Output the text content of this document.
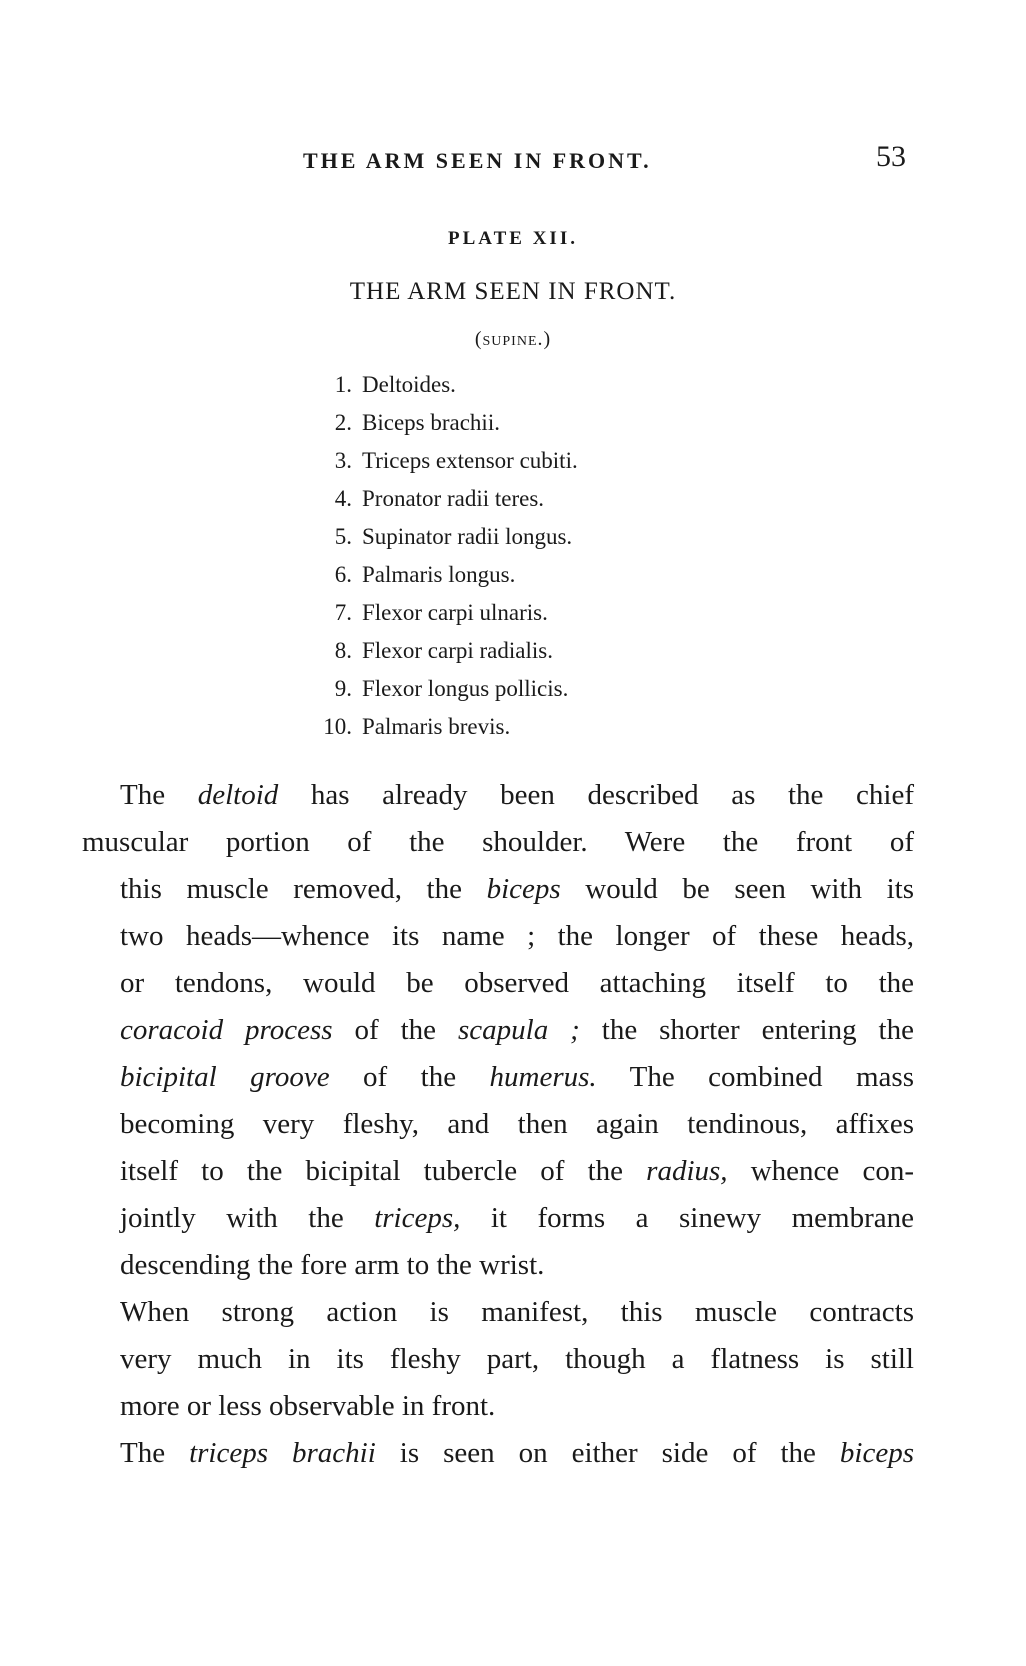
THE ARM SEEN IN FRONT.	53
PLATE XII.
THE ARM SEEN IN FRONT.
(supine.)
1. Deltoides.
2. Biceps brachii.
3. Triceps extensor cubiti.
4. Pronator radii teres.
5. Supinator radii longus.
6. Palmaris longus.
7. Flexor carpi ulnaris.
8. Flexor carpi radialis.
9. Flexor longus pollicis.
10. Palmaris brevis.
The deltoid has already been described as the chief
muscular portion of the shoulder. Were the front of
this muscle removed, the biceps would be seen with its
two heads—whence its name ; the longer of these heads,
or tendons, would be observed attaching itself to the
coracoid process of the scapula ; the shorter entering the
bicipital groove of the humerus. The combined mass
becoming very fleshy, and then again tendinous, affixes
itself to the bicipital tubercle of the radius, whence con-
jointly with the triceps, it forms a sinewy membrane
descending the fore arm to the wrist.
When strong action is manifest, this muscle contracts
very much in its fleshy part, though a flatness is still
more or less observable in front.
The triceps brachii is seen on either side of the biceps
